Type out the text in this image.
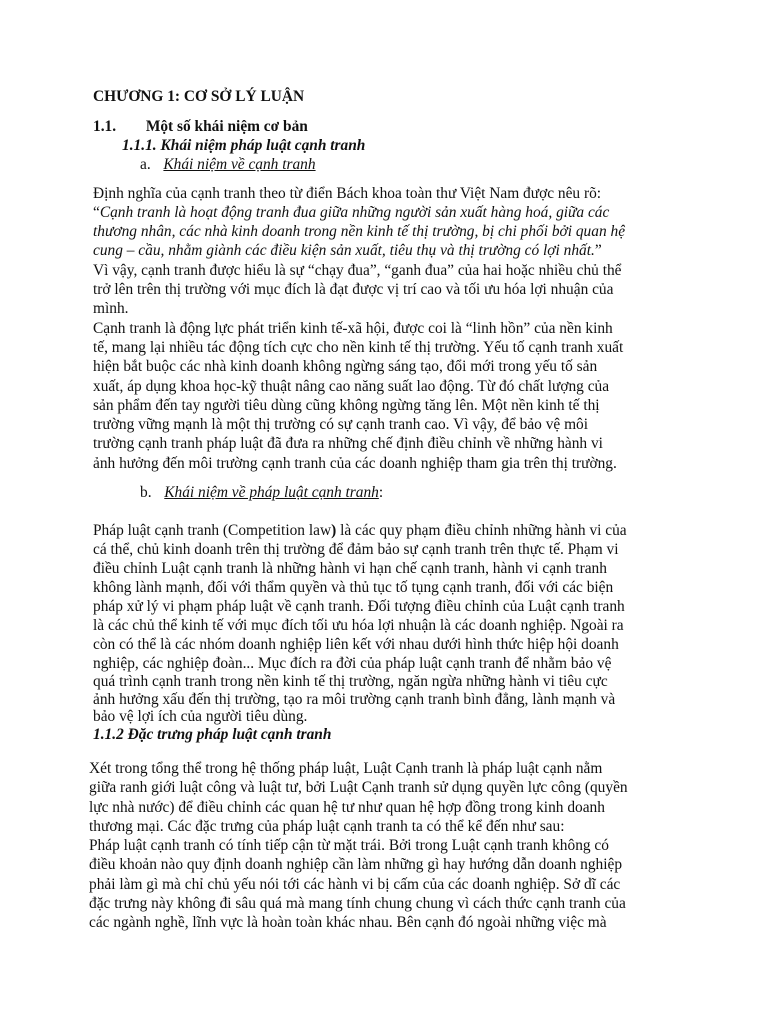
CHƯƠNG 1: CƠ SỞ LÝ LUẬN
1.1. Một số khái niệm cơ bản
1.1.1. Khái niệm pháp luật cạnh tranh
a. Khái niệm về cạnh tranh
Định nghĩa của cạnh tranh theo từ điển Bách khoa toàn thư Việt Nam được nêu rõ:
“Cạnh tranh là hoạt động tranh đua giữa những người sản xuất hàng hoá, giữa các
thương nhân, các nhà kinh doanh trong nền kinh tế thị trường, bị chi phối bởi quan hệ
cung – cầu, nhằm giành các điều kiện sản xuất, tiêu thụ và thị trường có lợi nhất.”
Vì vậy, cạnh tranh được hiểu là sự “chạy đua”, “ganh đua” của hai hoặc nhiều chủ thể
trở lên trên thị trường với mục đích là đạt được vị trí cao và tối ưu hóa lợi nhuận của
mình.
Cạnh tranh là động lực phát triển kinh tế-xã hội, được coi là “linh hồn” của nền kinh
tế, mang lại nhiều tác động tích cực cho nền kinh tế thị trường. Yếu tố cạnh tranh xuất
hiện bắt buộc các nhà kinh doanh không ngừng sáng tạo, đổi mới trong yếu tố sản
xuất, áp dụng khoa học-kỹ thuật nâng cao năng suất lao động. Từ đó chất lượng của
sản phẩm đến tay người tiêu dùng cũng không ngừng tăng lên. Một nền kinh tế thị
trường vững mạnh là một thị trường có sự cạnh tranh cao. Vì vậy, để bảo vệ môi
trường cạnh tranh pháp luật đã đưa ra những chế định điều chỉnh về những hành vi
ảnh hưởng đến môi trường cạnh tranh của các doanh nghiệp tham gia trên thị trường.
b. Khái niệm về pháp luật cạnh tranh:
Pháp luật cạnh tranh (Competition law) là các quy phạm điều chỉnh những hành vi của
cá thể, chủ kinh doanh trên thị trường để đảm bảo sự cạnh tranh trên thực tế. Phạm vi
điều chỉnh Luật cạnh tranh là những hành vi hạn chế cạnh tranh, hành vi cạnh tranh
không lành mạnh, đối với thẩm quyền và thủ tục tố tụng cạnh tranh, đối với các biện
pháp xử lý vi phạm pháp luật về cạnh tranh. Đối tượng điều chỉnh của Luật cạnh tranh
là các chủ thể kinh tế với mục đích tối ưu hóa lợi nhuận là các doanh nghiệp. Ngoài ra
còn có thể là các nhóm doanh nghiệp liên kết với nhau dưới hình thức hiệp hội doanh
nghiệp, các nghiệp đoàn... Mục đích ra đời của pháp luật cạnh tranh để nhằm bảo vệ
quá trình cạnh tranh trong nền kinh tế thị trường, ngăn ngừa những hành vi tiêu cực
ảnh hưởng xấu đến thị trường, tạo ra môi trường cạnh tranh bình đẳng, lành mạnh và
bảo vệ lợi ích của người tiêu dùng.
1.1.2 Đặc trưng pháp luật cạnh tranh
Xét trong tổng thể trong hệ thống pháp luật, Luật Cạnh tranh là pháp luật cạnh nằm
giữa ranh giới luật công và luật tư, bởi Luật Cạnh tranh sử dụng quyền lực công (quyền
lực nhà nước) để điều chỉnh các quan hệ tư như quan hệ hợp đồng trong kinh doanh
thương mại. Các đặc trưng của pháp luật cạnh tranh ta có thể kể đến như sau:
Pháp luật cạnh tranh có tính tiếp cận từ mặt trái. Bởi trong Luật cạnh tranh không có
điều khoản nào quy định doanh nghiệp cần làm những gì hay hướng dẫn doanh nghiệp
phải làm gì mà chỉ chủ yếu nói tới các hành vi bị cấm của các doanh nghiệp. Sở dĩ các
đặc trưng này không đi sâu quá mà mang tính chung chung vì cách thức cạnh tranh của
các ngành nghề, lĩnh vực là hoàn toàn khác nhau. Bên cạnh đó ngoài những việc mà
